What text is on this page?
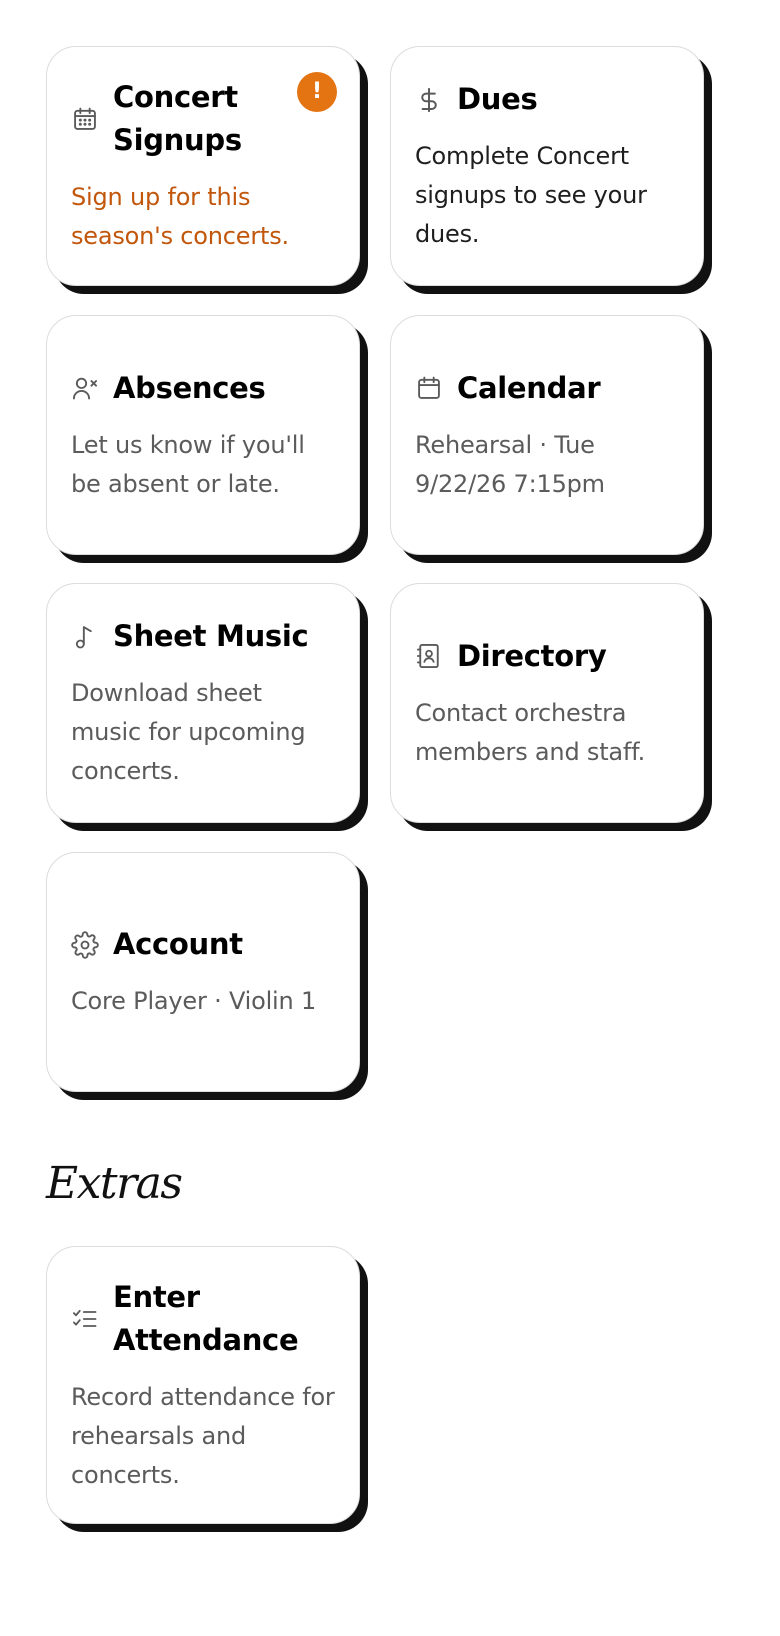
!
Concert Signups
Sign up for this season's concerts.
Dues
Complete Concert signups to see your dues.
Absences
Let us know if you'll be absent or late.
Calendar
Rehearsal · Tue 9/22/26 7:15pm
Sheet Music
Download sheet music for upcoming concerts.
Directory
Contact orchestra members and staff.
Account
Core Player · Violin 1
Extras
Enter Attendance
Record attendance for rehearsals and concerts.
